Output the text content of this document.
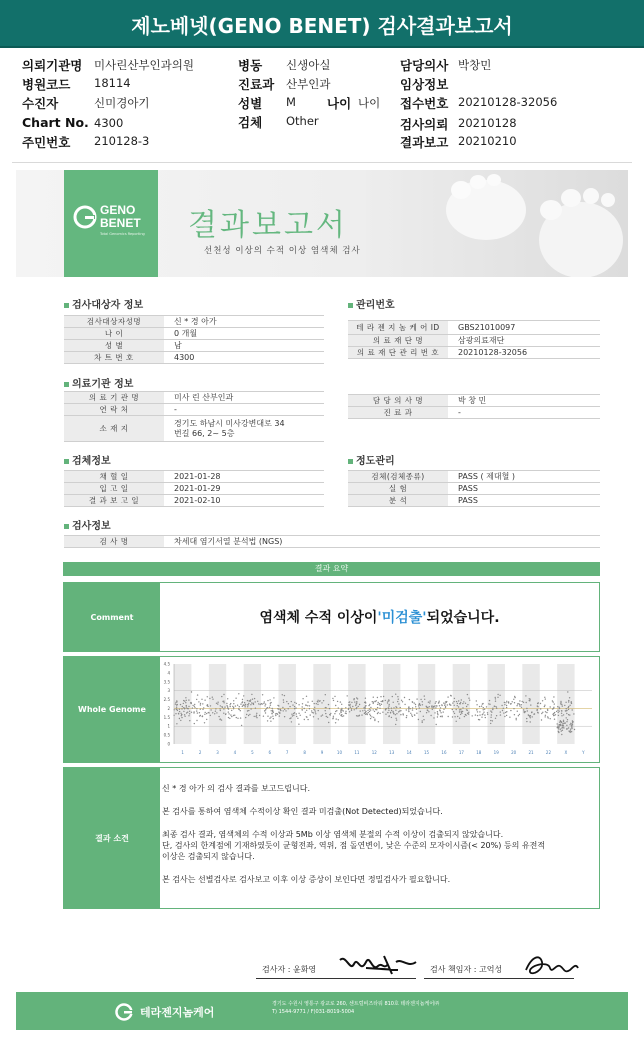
제노베넷(GENO BENET) 검사결과보고서
의뢰기관명 미사린산부인과의원
병원코드 18114
수진자	신미경아기
Chart No. 4300
주민번호 210128-3
병동 신생아실
진료과 산부인과
성별 M
검체 Other
나이 나이
담당의사 박창민
임상정보
접수번호 20210128-32056
검사의뢰 20210128
결과보고 20210210
GENO
BENET
Total Genomics Reporting 결과보고서
선천성 이상의 수적 이상 염색체 검사
검사대상자 정보
검사대상자성명	신 * 경 아가
나 이	0 개월
성 별	남
차 트 번 호	4300
관리번호
테 라 젠 지 놈 케 어 ID	GBS21010097
의 료 재 단 명	삼광의료재단
의 료 재 단 관 리 번 호	20210128-32056
의료기관 정보
의 료 기 관 명	미사 린 산부인과
연 락 처	-
소 재 지	경기도 하남시 미사강변대로 34
번길 66, 2~ 5층
담 당 의 사 명	박 창 민
진 료 과	-
검체정보
채 혈 일	2021-01-28
입 고 일	2021-01-29
결 과 보 고 일	2021-02-10
정도관리
검체(검체종류)	PASS ( 제대혈 )
실 험	PASS
분 석	PASS
검사정보
검 사 명	차세대 염기서열 분석법 (NGS)
결과 요약
Comment	염색체 수적 이상이 '미검출' 되었습니다.
Whole Genome
1	2	3	4	5	6	7	8	9	10	11	12	13	14	15	16	17	18	19	20	21	22	X	Y
4.5
4
3.5
3
2.5
2
1.5
1
0.5
0
결과 소견

신 * 경 아가 의 검사 결과를 보고드립니다.

본 검사를 통하여 염색체 수적이상 확인 결과 미검출(Not Detected)되었습니다.

최종 검사 결과, 염색체의 수적 이상과 5Mb 이상 염색체 분절의 수적 이상이 검출되지 않았습니다.

단, 검사의 한계점에 기재하였듯이 균형전좌, 역위, 점 돌연변이, 낮은 수준의 모자이시즘(< 20%) 등의 유전적

이상은 검출되지 않습니다.

본 검사는 선별검사로 검사보고 이후 이상 증상이 보인다면 정밀검사가 필요합니다.

검사자 : 윤화영	검사 책임자 : 고억성
테라젠지놈케어
경기도 수원시 영통구 광교로 260, 센트럴비즈타워 810호 테라젠지놈케어㈜
T) 1544-9771 / F)031-8019-5004
